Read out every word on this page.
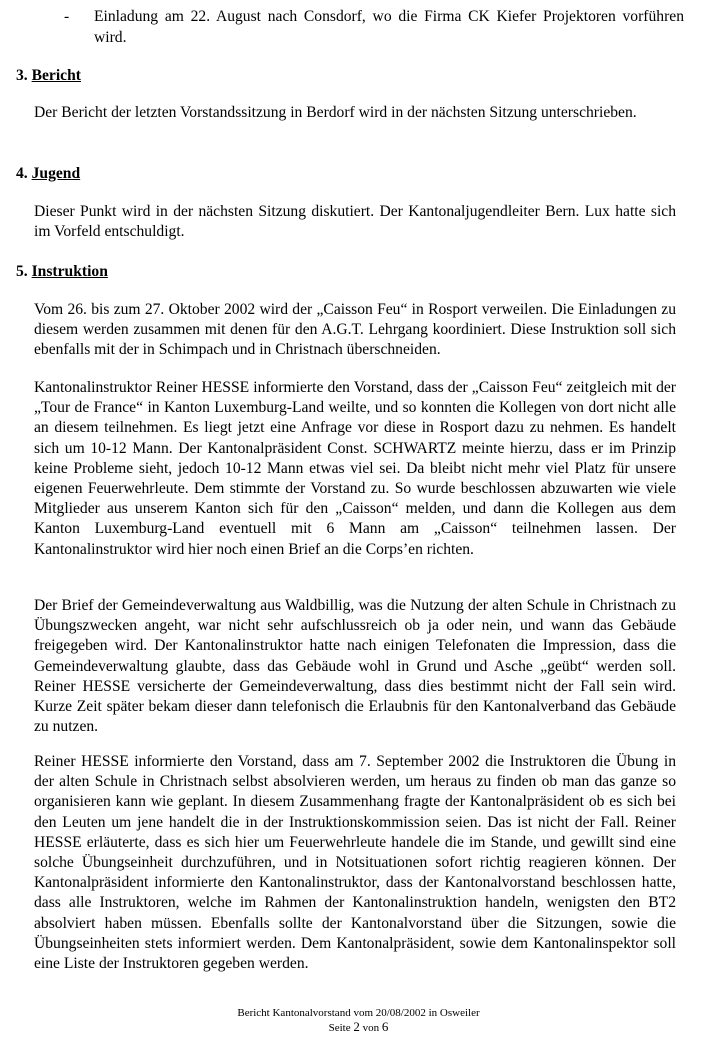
- Einladung am 22. August nach Consdorf, wo die Firma CK Kiefer Projektoren vorführen wird.
3. Bericht

Der Bericht der letzten Vorstandssitzung in Berdorf wird in der nächsten Sitzung unterschrieben.

4. Jugend

Dieser Punkt wird in der nächsten Sitzung diskutiert. Der Kantonaljugendleiter Bern. Lux hatte sich im Vorfeld entschuldigt.

5. Instruktion

Vom 26. bis zum 27. Oktober 2002 wird der „Caisson Feu“ in Rosport verweilen. Die Einladungen zu diesem werden zusammen mit denen für den A.G.T. Lehrgang koordiniert. Diese Instruktion soll sich ebenfalls mit der in Schimpach und in Christnach überschneiden.

Kantonalinstruktor Reiner HESSE informierte den Vorstand, dass der „Caisson Feu“ zeitgleich mit der „Tour de France“ in Kanton Luxemburg-Land weilte, und so konnten die Kollegen von dort nicht alle an diesem teilnehmen. Es liegt jetzt eine Anfrage vor diese in Rosport dazu zu nehmen. Es handelt sich um 10-12 Mann. Der Kantonalpräsident Const. SCHWARTZ meinte hierzu, dass er im Prinzip keine Probleme sieht, jedoch 10-12 Mann etwas viel sei. Da bleibt nicht mehr viel Platz für unsere eigenen Feuerwehrleute. Dem stimmte der Vorstand zu. So wurde beschlossen abzuwarten wie viele Mitglieder aus unserem Kanton sich für den „Caisson“ melden, und dann die Kollegen aus dem Kanton Luxemburg-Land eventuell mit 6 Mann am „Caisson“ teilnehmen lassen. Der Kantonalinstruktor wird hier noch einen Brief an die Corps’en richten.

Der Brief der Gemeindeverwaltung aus Waldbillig, was die Nutzung der alten Schule in Christnach zu Übungszwecken angeht, war nicht sehr aufschlussreich ob ja oder nein, und wann das Gebäude freigegeben wird. Der Kantonalinstruktor hatte nach einigen Telefonaten die Impression, dass die Gemeindeverwaltung glaubte, dass das Gebäude wohl in Grund und Asche „geübt“ werden soll. Reiner HESSE versicherte der Gemeindeverwaltung, dass dies bestimmt nicht der Fall sein wird. Kurze Zeit später bekam dieser dann telefonisch die Erlaubnis für den Kantonalverband das Gebäude zu nutzen.

Reiner HESSE informierte den Vorstand, dass am 7. September 2002 die Instruktoren die Übung in der alten Schule in Christnach selbst absolvieren werden, um heraus zu finden ob man das ganze so organisieren kann wie geplant. In diesem Zusammenhang fragte der Kantonalpräsident ob es sich bei den Leuten um jene handelt die in der Instruktionskommission seien. Das ist nicht der Fall. Reiner HESSE erläuterte, dass es sich hier um Feuerwehrleute handele die im Stande, und gewillt sind eine solche Übungseinheit durchzuführen, und in Notsituationen sofort richtig reagieren können. Der Kantonalpräsident informierte den Kantonalinstruktor, dass der Kantonalvorstand beschlossen hatte, dass alle Instruktoren, welche im Rahmen der Kantonalinstruktion handeln, wenigsten den BT2 absolviert haben müssen. Ebenfalls sollte der Kantonalvorstand über die Sitzungen, sowie die Übungseinheiten stets informiert werden. Dem Kantonalpräsident, sowie dem Kantonalinspektor soll eine Liste der Instruktoren gegeben werden.

Bericht Kantonalvorstand vom 20/08/2002 in Osweiler
Seite 2 von 6
